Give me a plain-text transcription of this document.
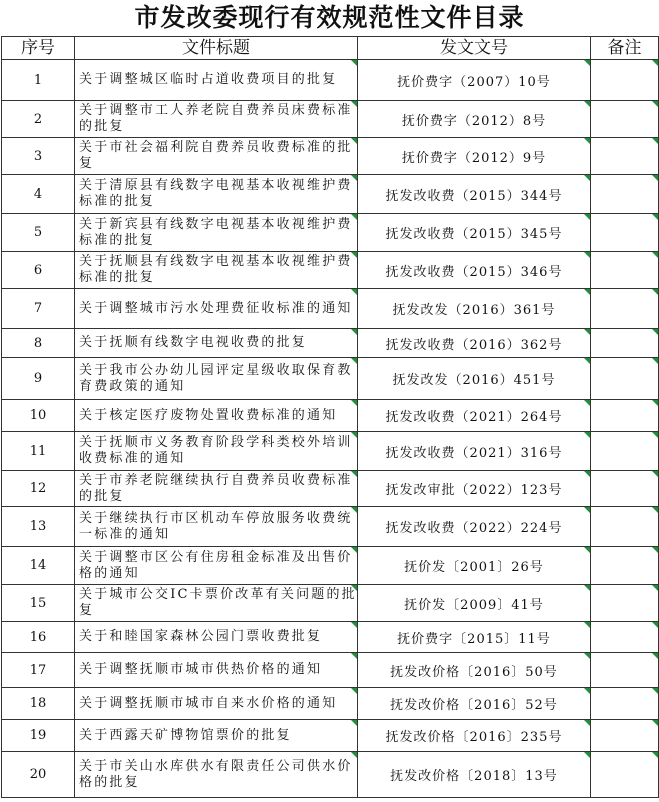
市发改委现行有效规范性文件目录
序号	文件标题	发文文号	备注
1	关于调整城区临时占道收费项目的批复	抚价费字（2007）10号

2	关于调整市工人养老院自费养员床费标准的批复	抚价费字（2012）8号

3	关于市社会福利院自费养员收费标准的批复	抚价费字（2012）9号

4	关于清原县有线数字电视基本收视维护费标准的批复	抚发改收费（2015）344号

5	关于新宾县有线数字电视基本收视维护费标准的批复	抚发改收费（2015）345号

6	关于抚顺县有线数字电视基本收视维护费标准的批复	抚发改收费（2015）346号

7	关于调整城市污水处理费征收标准的通知	抚发改发（2016）361号

8	关于抚顺有线数字电视收费的批复	抚发改收费（2016）362号

9	关于我市公办幼儿园评定星级收取保育教育费政策的通知	抚发改发（2016）451号

10	关于核定医疗废物处置收费标准的通知	抚发改收费（2021）264号

11	关于抚顺市义务教育阶段学科类校外培训收费标准的通知	抚发改收费（2021）316号

12	关于市养老院继续执行自费养员收费标准的批复	抚发改审批（2022）123号

13	关于继续执行市区机动车停放服务收费统一标准的通知	抚发改收费（2022）224号

14	关于调整市区公有住房租金标准及出售价格的通知	抚价发〔2001〕26号

15	关于城市公交IC卡票价改革有关问题的批复	抚价发〔2009〕41号

16	关于和睦国家森林公园门票收费批复	抚价费字〔2015〕11号

17	关于调整抚顺市城市供热价格的通知	抚发改价格〔2016〕50号

18	关于调整抚顺市城市自来水价格的通知	抚发改价格〔2016〕52号

19	关于西露天矿博物馆票价的批复	抚发改价格〔2016〕235号

20	关于市关山水库供水有限责任公司供水价格的批复	抚发改价格〔2018〕13号
